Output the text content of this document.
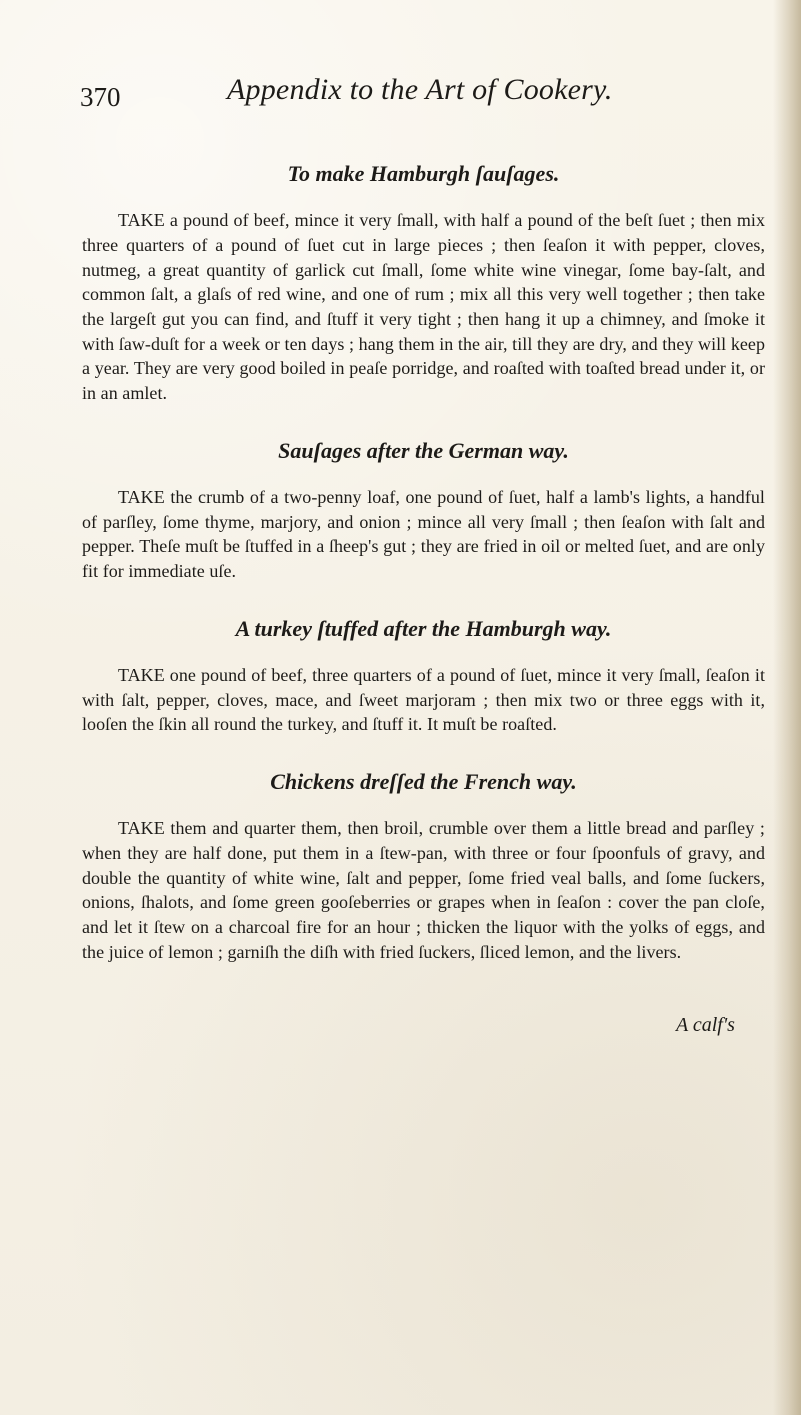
370	Appendix to the Art of Cookery.
To make Hamburgh ſauſages.

TAKE a pound of beef, mince it very ſmall, with half a pound of the beſt ſuet ; then mix three quarters of a pound of ſuet cut in large pieces ; then ſeaſon it with pepper, cloves, nutmeg, a great quantity of garlick cut ſmall, ſome white wine vinegar, ſome bay-ſalt, and common ſalt, a glaſs of red wine, and one of rum ; mix all this very well together ; then take the largeſt gut you can find, and ſtuff it very tight ; then hang it up a chimney, and ſmoke it with ſaw-duſt for a week or ten days ; hang them in the air, till they are dry, and they will keep a year. They are very good boiled in peaſe porridge, and roaſted with toaſted bread under it, or in an amlet.

Sauſages after the German way.

TAKE the crumb of a two-penny loaf, one pound of ſuet, half a lamb's lights, a handful of parſley, ſome thyme, marjory, and onion ; mince all very ſmall ; then ſeaſon with ſalt and pepper. Theſe muſt be ſtuffed in a ſheep's gut ; they are fried in oil or melted ſuet, and are only fit for immediate uſe.

A turkey ſtuffed after the Hamburgh way.

TAKE one pound of beef, three quarters of a pound of ſuet, mince it very ſmall, ſeaſon it with ſalt, pepper, cloves, mace, and ſweet marjoram ; then mix two or three eggs with it, looſen the ſkin all round the turkey, and ſtuff it. It muſt be roaſted.

Chickens dreſſed the French way.

TAKE them and quarter them, then broil, crumble over them a little bread and parſley ; when they are half done, put them in a ſtew-pan, with three or four ſpoonfuls of gravy, and double the quantity of white wine, ſalt and pepper, ſome fried veal balls, and ſome ſuckers, onions, ſhalots, and ſome green gooſeberries or grapes when in ſeaſon : cover the pan cloſe, and let it ſtew on a charcoal fire for an hour ; thicken the liquor with the yolks of eggs, and the juice of lemon ; garniſh the diſh with fried ſuckers, ſliced lemon, and the livers.

A calf's
